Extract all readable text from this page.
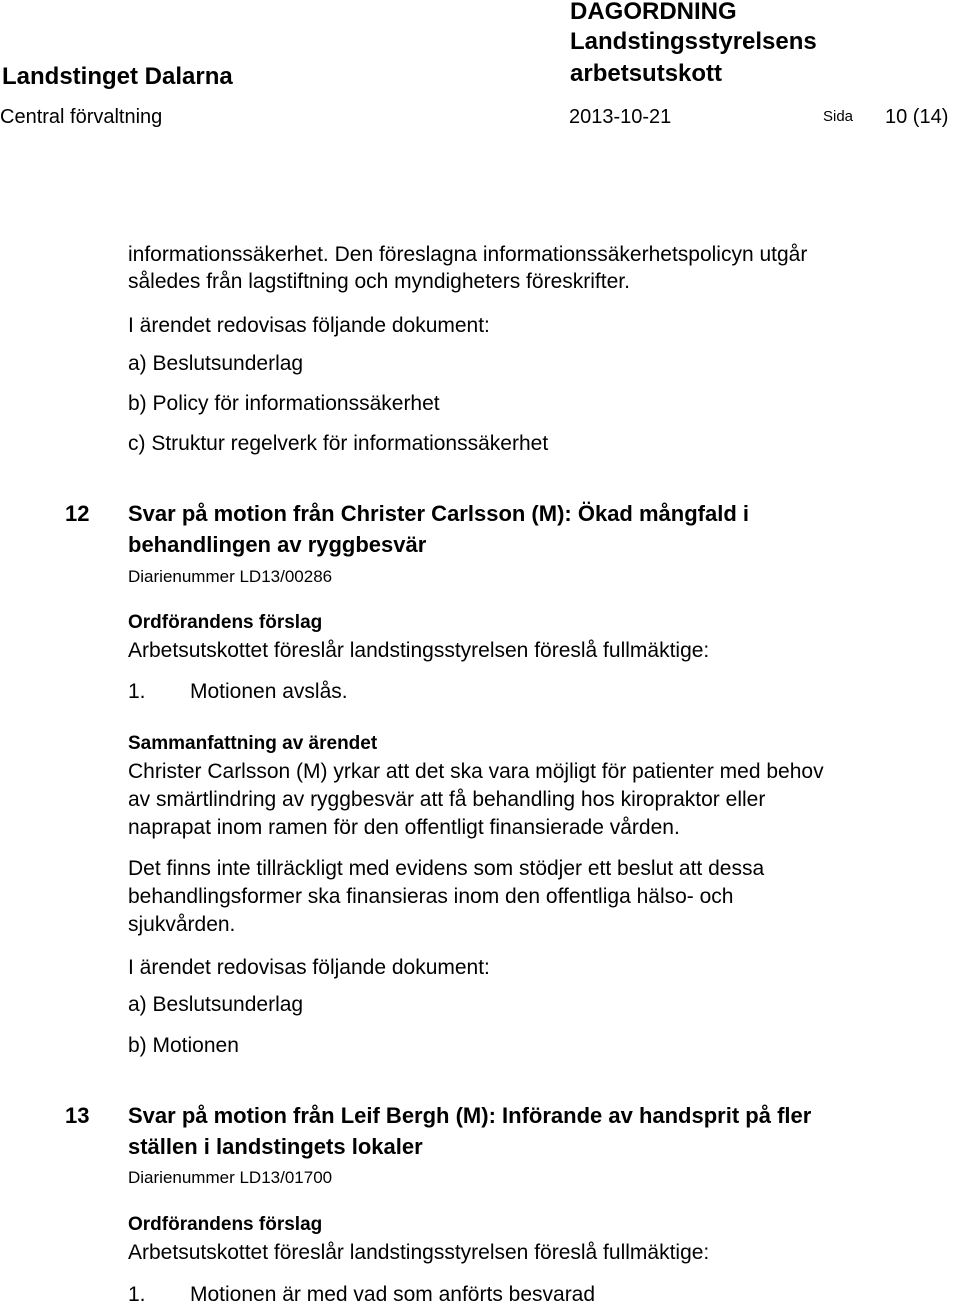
Landstinget Dalarna
Central förvaltning
DAGORDNING
Landstingsstyrelsens
arbetsutskott
2013-10-21	Sida 10 (14)
informationssäkerhet. Den föreslagna informationssäkerhetspolicyn utgår
således från lagstiftning och myndigheters föreskrifter.
I ärendet redovisas följande dokument:
a) Beslutsunderlag
b) Policy för informationssäkerhet
c) Struktur regelverk för informationssäkerhet
12 Svar på motion från Christer Carlsson (M): Ökad mångfald i
behandlingen av ryggbesvär
Diarienummer LD13/00286
Ordförandens förslag
Arbetsutskottet föreslår landstingsstyrelsen föreslå fullmäktige:
1. Motionen avslås.
Sammanfattning av ärendet
Christer Carlsson (M) yrkar att det ska vara möjligt för patienter med behov
av smärtlindring av ryggbesvär att få behandling hos kiropraktor eller
naprapat inom ramen för den offentligt finansierade vården.
Det finns inte tillräckligt med evidens som stödjer ett beslut att dessa
behandlingsformer ska finansieras inom den offentliga hälso- och
sjukvården.
I ärendet redovisas följande dokument:
a) Beslutsunderlag
b) Motionen
13 Svar på motion från Leif Bergh (M): Införande av handsprit på fler
ställen i landstingets lokaler
Diarienummer LD13/01700
Ordförandens förslag
Arbetsutskottet föreslår landstingsstyrelsen föreslå fullmäktige:
1. Motionen är med vad som anförts besvarad
